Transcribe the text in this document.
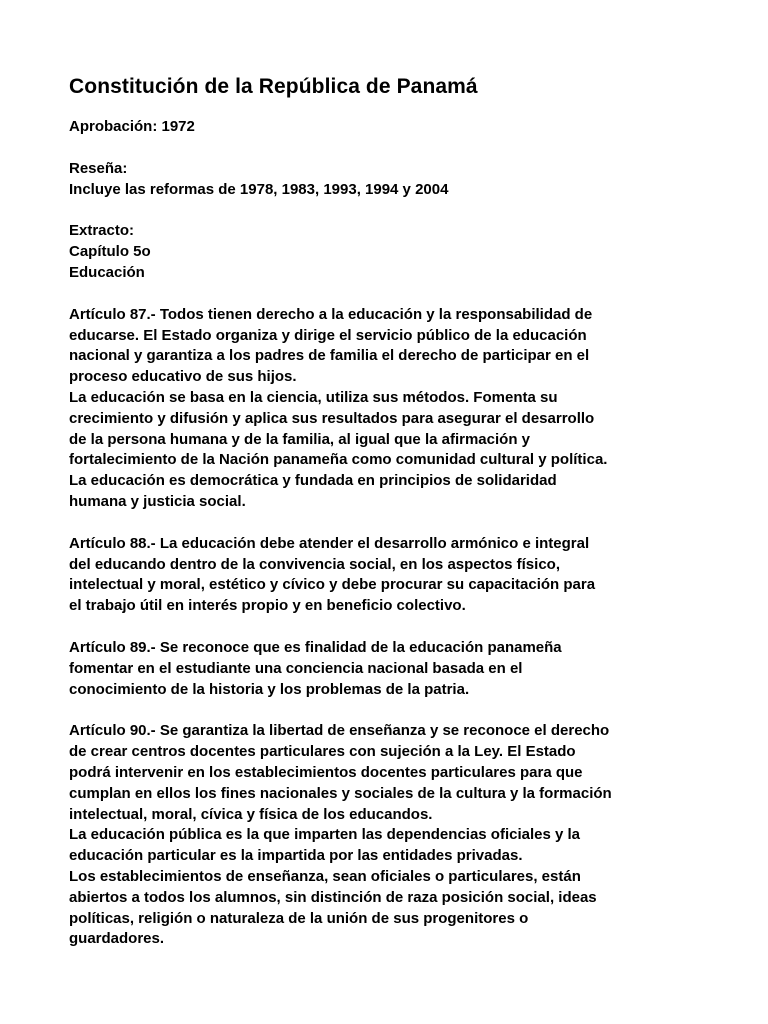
Constitución de la República de Panamá

Aprobación: 1972

Reseña:

Incluye las reformas de 1978, 1983, 1993, 1994 y 2004

Extracto:

Capítulo 5o

Educación

Artículo 87.- Todos tienen derecho a la educación y la responsabilidad de

educarse. El Estado organiza y dirige el servicio público de la educación

nacional y garantiza a los padres de familia el derecho de participar en el

proceso educativo de sus hijos.

La educación se basa en la ciencia, utiliza sus métodos. Fomenta su

crecimiento y difusión y aplica sus resultados para asegurar el desarrollo

de la persona humana y de la familia, al igual que la afirmación y

fortalecimiento de la Nación panameña como comunidad cultural y política.

La educación es democrática y fundada en principios de solidaridad

humana y justicia social.

Artículo 88.- La educación debe atender el desarrollo armónico e integral

del educando dentro de la convivencia social, en los aspectos físico,

intelectual y moral, estético y cívico y debe procurar su capacitación para

el trabajo útil en interés propio y en beneficio colectivo.

Artículo 89.- Se reconoce que es finalidad de la educación panameña

fomentar en el estudiante una conciencia nacional basada en el

conocimiento de la historia y los problemas de la patria.

Artículo 90.- Se garantiza la libertad de enseñanza y se reconoce el derecho

de crear centros docentes particulares con sujeción a la Ley. El Estado

podrá intervenir en los establecimientos docentes particulares para que

cumplan en ellos los fines nacionales y sociales de la cultura y la formación

intelectual, moral, cívica y física de los educandos.

La educación pública es la que imparten las dependencias oficiales y la

educación particular es la impartida por las entidades privadas.

Los establecimientos de enseñanza, sean oficiales o particulares, están

abiertos a todos los alumnos, sin distinción de raza posición social, ideas

políticas, religión o naturaleza de la unión de sus progenitores o

guardadores.
